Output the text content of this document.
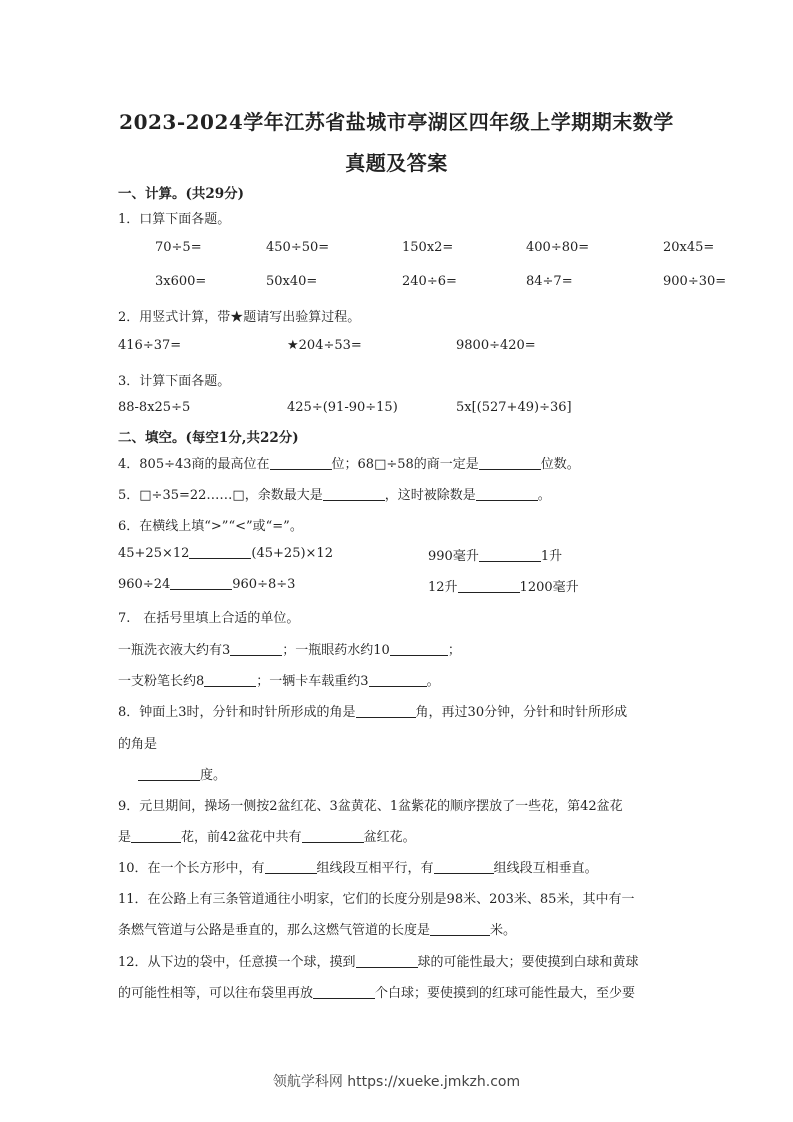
2023-2024学年江苏省盐城市亭湖区四年级上学期期末数学
真题及答案
一、计算。(共29分)
1．口算下面各题。
70÷5=	450÷50=	150x2=	400÷80=	20x45=
3x600=	50x40=	240÷6=	84÷7=	900÷30=
2．用竖式计算，带★题请写出验算过程。
416÷37=	★204÷53=	9800÷420=
3．计算下面各题。
88-8x25÷5	425÷(91-90÷15)	5x[(527+49)÷36]
二、填空。(每空1分,共22分)
4．805÷43商的最高位在	位；68□÷58的商一定是	位数。
5．□÷35=22……□，余数最大是	，这时被除数是	。
6．在横线上填“>”“<”或“=”。
45+25×12	(45+25)×12	990毫升	1升
960÷24	960÷8÷3	12升	1200毫升
7.　在括号里填上合适的单位。
一瓶洗衣液大约有3	；一瓶眼药水约10	；
一支粉笔长约8	；一辆卡车载重约3	。
8．钟面上3时，分针和时针所形成的角是	角，再过30分钟，分针和时针所形成
的角是
度。
9．元旦期间，操场一侧按2盆红花、3盆黄花、1盆紫花的顺序摆放了一些花，第42盆花
是	花，前42盆花中共有	盆红花。
10．在一个长方形中，有	组线段互相平行，有	组线段互相垂直。
11．在公路上有三条管道通往小明家，它们的长度分别是98米、203米、85米，其中有一
条燃气管道与公路是垂直的，那么这燃气管道的长度是	米。
12．从下边的袋中，任意摸一个球，摸到	球的可能性最大；要使摸到白球和黄球
的可能性相等，可以往布袋里再放	个白球；要使摸到的红球可能性最大，至少要
领航学科网 https://xueke.jmkzh.com
